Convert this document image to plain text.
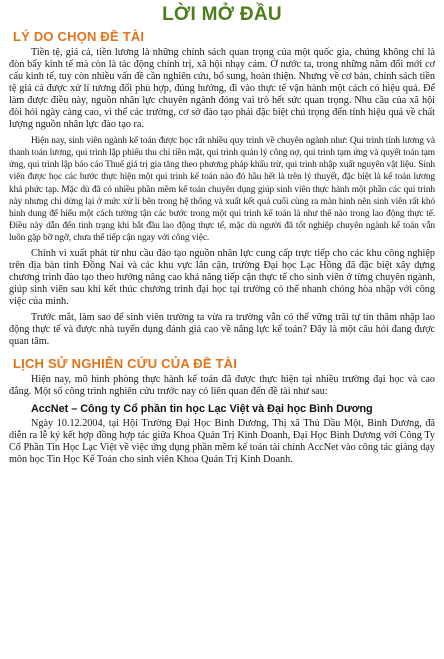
LỜI MỞ ĐẦU
LÝ DO CHỌN ĐỀ TÀI

Tiền tệ, giá cả, tiền lương là những chính sách quan trọng của một quốc gia, chúng không chỉ là đòn bẩy kinh tế mà còn là tác động chính trị, xã hội nhạy cảm. Ở nước ta, trong những năm đổi mới cơ cấu kinh tế, tuy còn nhiều vấn đề cần nghiên cứu, bổ sung, hoàn thiện. Nhưng về cơ bản, chính sách tiền tệ giá cả được xử lí tương đối phù hợp, đúng hướng, đi vào thực tế vận hành một cách có hiệu quả. Để làm được điều này, nguồn nhân lực chuyên ngành đóng vai trò hết sức quan trọng. Nhu cầu của xã hội đòi hỏi ngày càng cao, vì thế các trường, cơ sở đào tạo phải đặc biệt chú trọng đến tính hiệu quả về chất lượng nguồn nhân lực đào tạo ra.

Hiện nay, sinh viên ngành kế toán được học rất nhiều quy trình về chuyên ngành như: Qui trình tính lương và thanh toán lương, qui trình lập phiếu thu chi tiền mặt, qui trình quản lý công nợ, qui trình tạm ứng và quyết toán tạm ứng, qui trình lập báo cáo Thuế giá trị gia tăng theo phương pháp khấu trừ, qui trình nhập xuất nguyên vật liệu. Sinh viên được học các bước thực hiện một qui trình kế toán nào đó hầu hết là trên lý thuyết, đặc biệt là kế toán lương khá phức tạp. Mặc dù đã có nhiều phần mềm kế toán chuyên dụng giúp sinh viên thực hành một phần các qui trình này nhưng chỉ dừng lại ở mức xử lí bên trong hệ thống và xuất kết quả cuối cùng ra màn hình nên sinh viên rất khó hình dung để hiểu một cách tường tận các bước trong một qui trình kế toán là như thế nào trong lao động thực tế. Điều này dẫn đến tình trạng khi bắt đầu lao động thực tế, mặc dù người đã tốt nghiệp chuyên ngành kế toán vẫn luôn gặp bỡ ngỡ, chưa thể tiếp cận ngay với công việc.

Chính vì xuất phát từ nhu cầu đào tạo nguồn nhân lực cung cấp trực tiếp cho các khu công nghiệp trên địa bàn tỉnh Đồng Nai và các khu vực lân cận, trường Đại học Lạc Hồng đã đặc biệt xây dựng chương trình đào tạo theo hướng nâng cao khả năng tiếp cận thực tế cho sinh viên ở từng chuyên ngành, giúp sinh viên sau khi kết thúc chương trình đại học tại trường có thể nhanh chóng hòa nhập với công việc của mình.

Trước mắt, làm sao để sinh viên trường ta vừa ra trường vẫn có thể vững trãi tự tin thâm nhập lao động thực tế và được nhà tuyển dụng đánh giá cao về năng lực kế toán? Đây là một câu hỏi đang được quan tâm.

LỊCH SỬ NGHIÊN CỨU CỦA ĐỀ TÀI

Hiện nay, mô hình phòng thực hành kế toán đã được thực hiện tại nhiều trường đại học và cao đẳng. Một số công trình nghiên cứu trước nay có liên quan đến đề tài như sau:

AccNet – Công ty Cổ phần tin học Lạc Việt và Đại học Bình Dương

Ngày 10.12.2004, tại Hội Trường Đại Học Bình Dương, Thị xã Thủ Dầu Một, Bình Dương, đã diễn ra lễ ký kết hợp đồng hợp tác giữa Khoa Quản Trị Kinh Doanh, Đại Học Bình Dương với Công Ty Cổ Phần Tin Học Lạc Việt về việc ứng dụng phần mềm kế toán tài chính AccNet vào công tác giảng dạy môn học Tin Học Kế Toán cho sinh viên Khoa Quản Trị Kinh Doanh.
